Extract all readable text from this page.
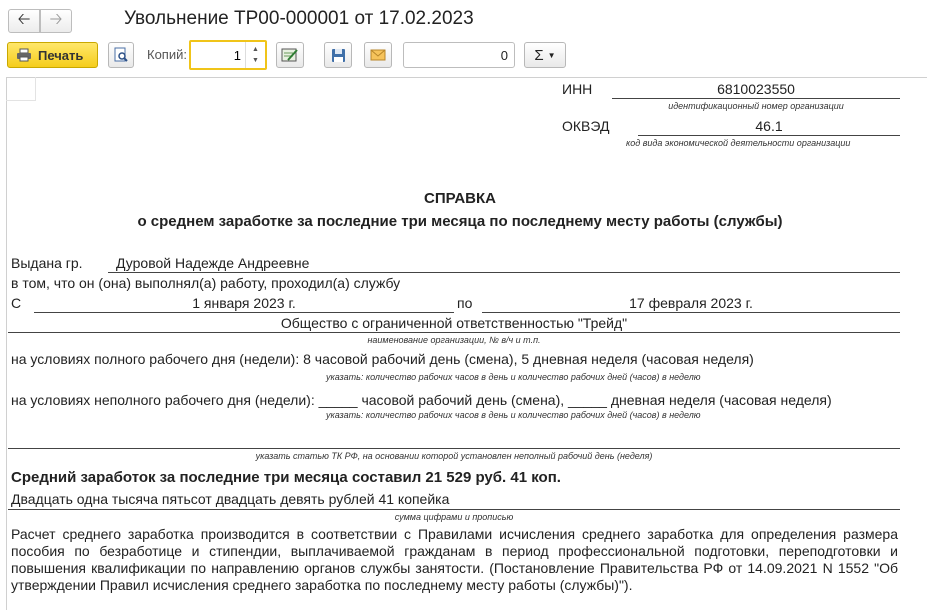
🡠 🡢	Увольнение ТР00-000001 от 17.02.2023
Печать	Копий:
1	▲
▼	0	Σ ▼
ИНН	6810023550
идентификационный номер организации
ОКВЭД	46.1
код вида экономической деятельности организации
СПРАВКА
о среднем заработке за последние три месяца по последнему месту работы (службы)
Выдана гр. Дуровой Надежде Андреевне
в том, что он (она) выполнял(а) работу, проходил(а) службу
С	1 января 2023 г.	по	17 февраля 2023 г.
Общество с ограниченной ответственностью "Трейд"
наименование организации, № в/ч и т.п.
на условиях полного рабочего дня (недели): 8 часовой рабочий день (смена), 5 дневная неделя (часовая неделя)
указать: количество рабочих часов в день и количество рабочих дней (часов) в неделю
на условиях неполного рабочего дня (недели): _____ часовой рабочий день (смена), _____ дневная неделя (часовая неделя)
указать: количество рабочих часов в день и количество рабочих дней (часов) в неделю
указать статью ТК РФ, на основании которой установлен неполный рабочий день (неделя)
Средний заработок за последние три месяца составил 21 529 руб. 41 коп.
Двадцать одна тысяча пятьсот двадцать девять рублей 41 копейка
сумма цифрами и прописью
Расчет среднего заработка производится в соответствии с Правилами исчисления среднего заработка для определения размера пособия по безработице и стипендии, выплачиваемой гражданам в период профессиональной подготовки, переподготовки и повышения квалификации по направлению органов службы занятости. (Постановление Правительства РФ от 14.09.2021 N 1552 "Об утверждении Правил исчисления среднего заработка по последнему месту работы (службы)").
